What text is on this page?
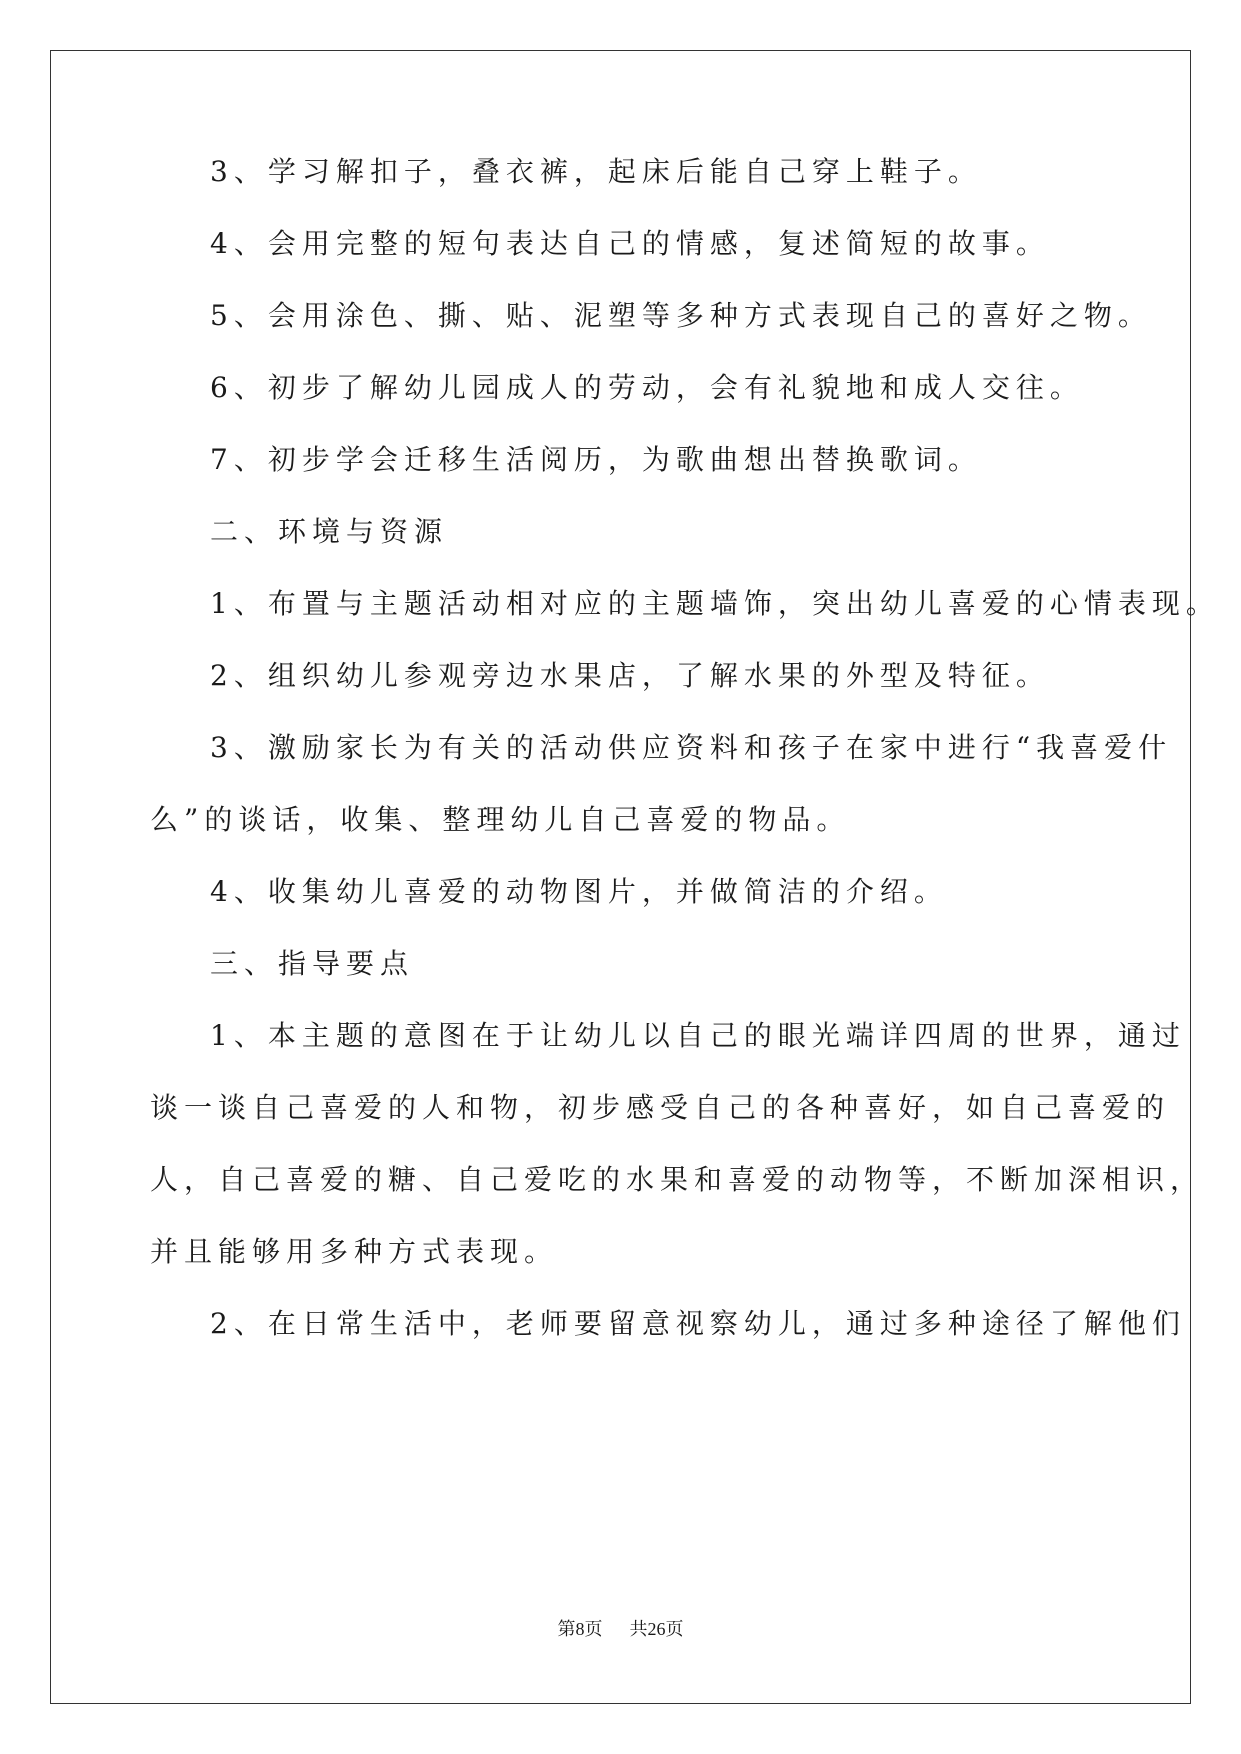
3、学习解扣子，叠衣裤，起床后能自己穿上鞋子。
4、会用完整的短句表达自己的情感，复述简短的故事。
5、会用涂色、撕、贴、泥塑等多种方式表现自己的喜好之物。
6、初步了解幼儿园成人的劳动，会有礼貌地和成人交往。
7、初步学会迁移生活阅历，为歌曲想出替换歌词。
二、环境与资源
1、布置与主题活动相对应的主题墙饰，突出幼儿喜爱的心情表现。
2、组织幼儿参观旁边水果店，了解水果的外型及特征。
3、激励家长为有关的活动供应资料和孩子在家中进行“我喜爱什
么”的谈话，收集、整理幼儿自己喜爱的物品。
4、收集幼儿喜爱的动物图片，并做简洁的介绍。
三、指导要点
1、本主题的意图在于让幼儿以自己的眼光端详四周的世界，通过
谈一谈自己喜爱的人和物，初步感受自己的各种喜好，如自己喜爱的
人，自己喜爱的糖、自己爱吃的水果和喜爱的动物等，不断加深相识，
并且能够用多种方式表现。
2、在日常生活中，老师要留意视察幼儿，通过多种途径了解他们
第8页 共26页
